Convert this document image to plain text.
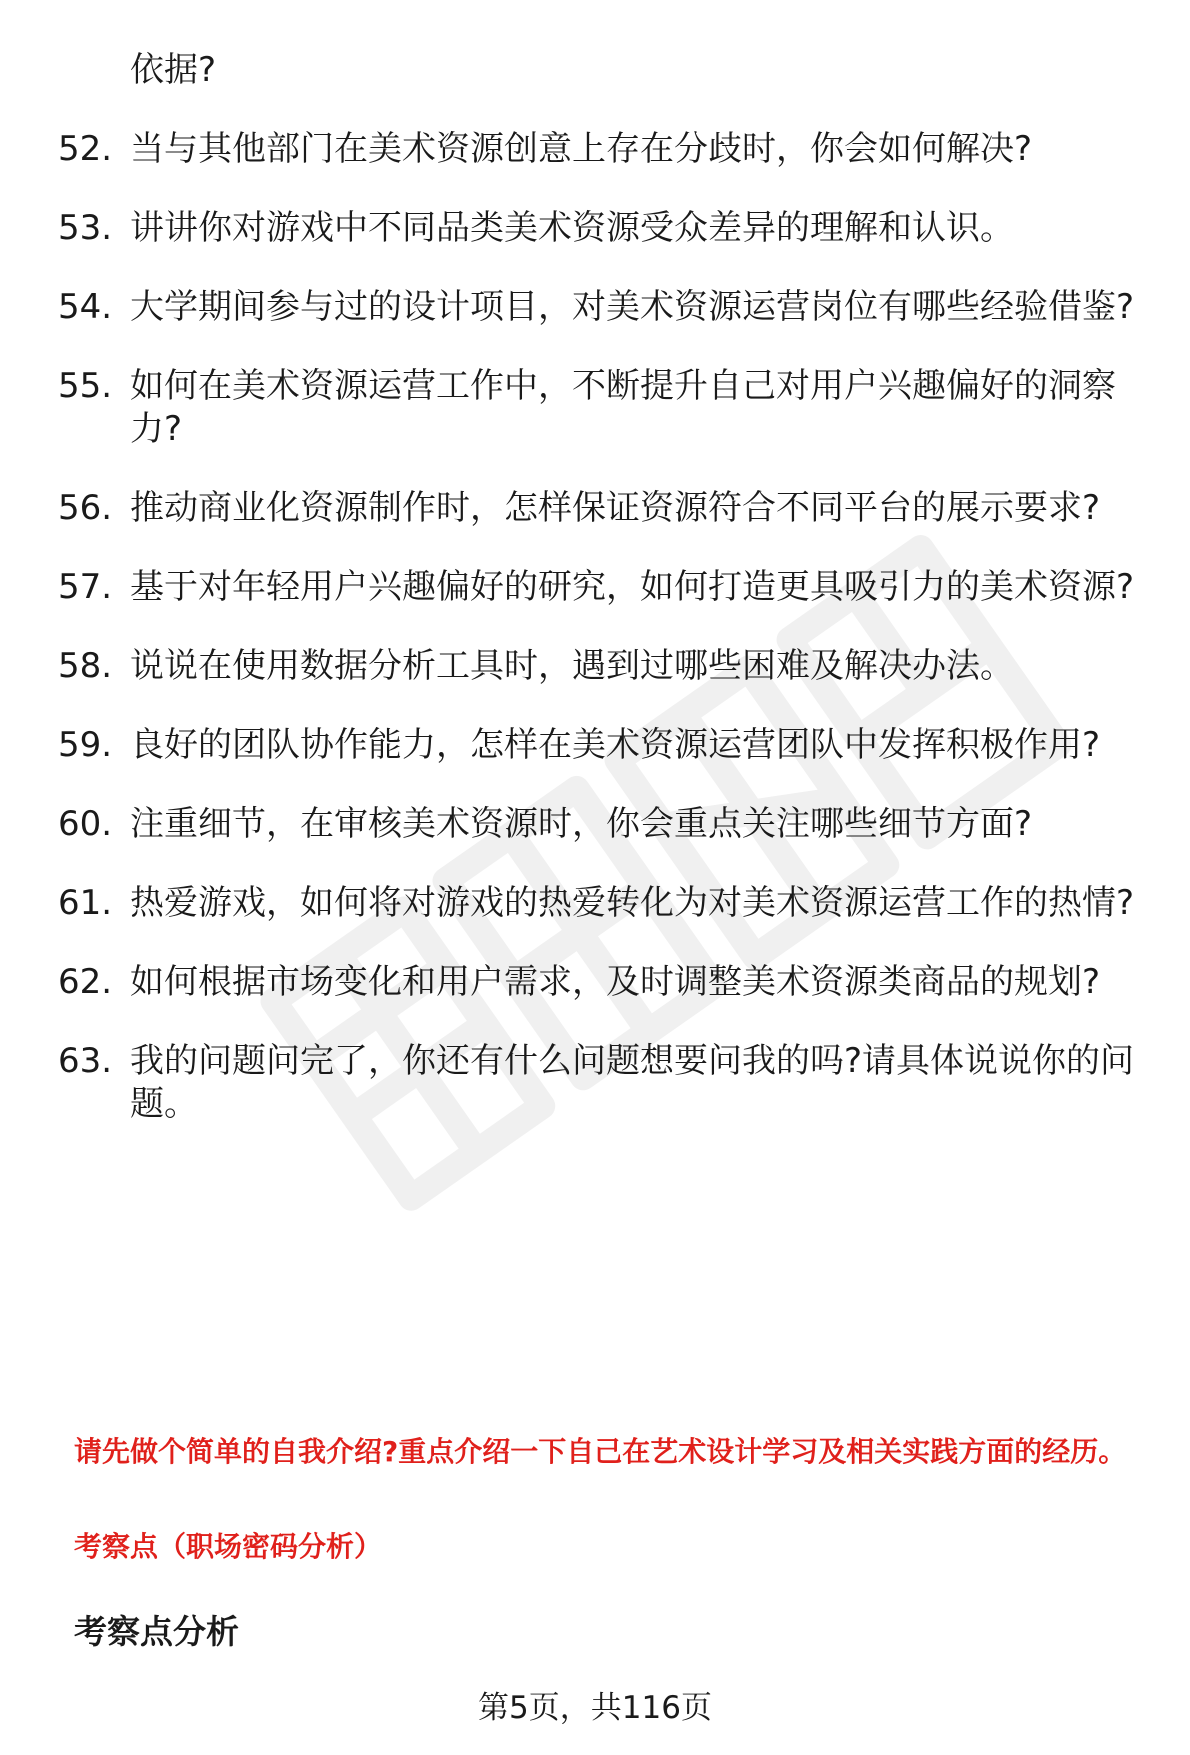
依据?
52. 当与其他部门在美术资源创意上存在分歧时，你会如何解决?
53. 讲讲你对游戏中不同品类美术资源受众差异的理解和认识。
54. 大学期间参与过的设计项目，对美术资源运营岗位有哪些经验借鉴?
55. 如何在美术资源运营工作中，不断提升自己对用户兴趣偏好的洞察力?
56. 推动商业化资源制作时，怎样保证资源符合不同平台的展示要求?
57. 基于对年轻用户兴趣偏好的研究，如何打造更具吸引力的美术资源?
58. 说说在使用数据分析工具时，遇到过哪些困难及解决办法。
59. 良好的团队协作能力，怎样在美术资源运营团队中发挥积极作用?
60. 注重细节，在审核美术资源时，你会重点关注哪些细节方面?
61. 热爱游戏，如何将对游戏的热爱转化为对美术资源运营工作的热情?
62. 如何根据市场变化和用户需求，及时调整美术资源类商品的规划?
63. 我的问题问完了，你还有什么问题想要问我的吗?请具体说说你的问题。
请先做个简单的自我介绍?重点介绍一下自己在艺术设计学习及相关实践方面的经历。
考察点（职场密码分析）
考察点分析
第5页，共116页
